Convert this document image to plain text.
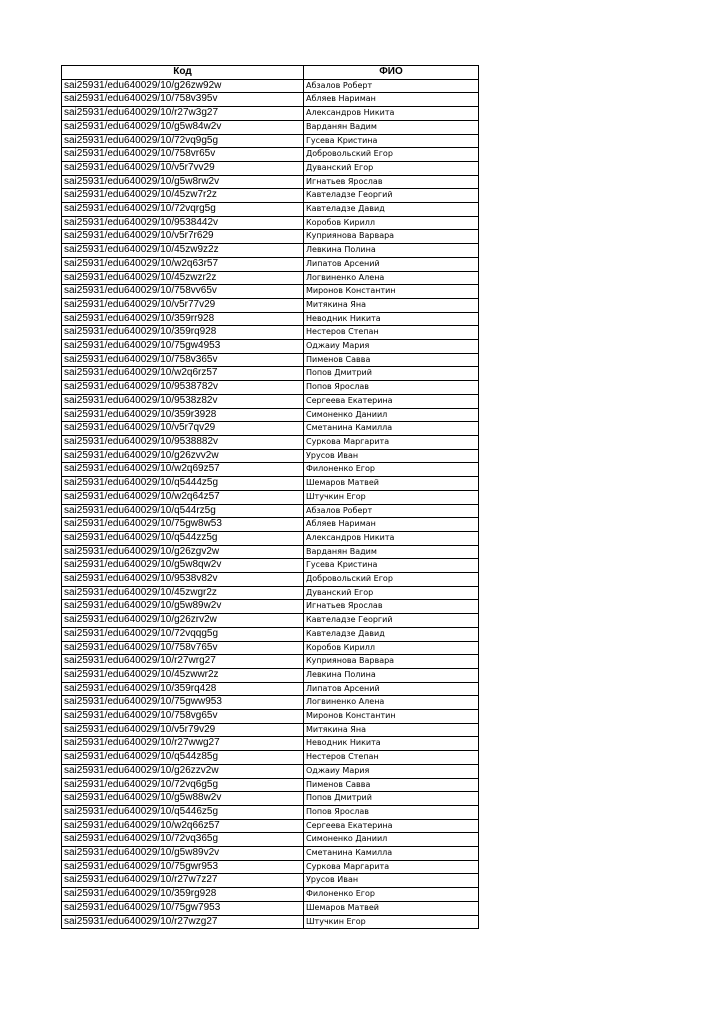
Код	ФИО
sai25931/edu640029/10/g26zw92w	Абзалов Роберт
sai25931/edu640029/10/758v395v	Абляев Нариман
sai25931/edu640029/10/r27w3g27	Александров Никита
sai25931/edu640029/10/g5w84w2v	Варданян Вадим
sai25931/edu640029/10/72vq9g5g	Гусева Кристина
sai25931/edu640029/10/758vr65v	Добровольский Егор
sai25931/edu640029/10/v5r7vv29	Дуванский Егор
sai25931/edu640029/10/g5w8rw2v	Игнатьев Ярослав
sai25931/edu640029/10/45zw7r2z	Кавтеладзе Георгий
sai25931/edu640029/10/72vqrg5g	Кавтеладзе Давид
sai25931/edu640029/10/9538442v	Коробов Кирилл
sai25931/edu640029/10/v5r7r629	Куприянова Варвара
sai25931/edu640029/10/45zw9z2z	Левкина Полина
sai25931/edu640029/10/w2q63r57	Липатов Арсений
sai25931/edu640029/10/45zwzr2z	Логвиненко Алена
sai25931/edu640029/10/758vv65v	Миронов Константин
sai25931/edu640029/10/v5r77v29	Митякина Яна
sai25931/edu640029/10/359rr928	Неводник Никита
sai25931/edu640029/10/359rq928	Нестеров Степан
sai25931/edu640029/10/75gw4953	Оджаиу Мария
sai25931/edu640029/10/758v365v	Пименов Савва
sai25931/edu640029/10/w2q6rz57	Попов Дмитрий
sai25931/edu640029/10/9538782v	Попов Ярослав
sai25931/edu640029/10/9538z82v	Сергеева Екатерина
sai25931/edu640029/10/359r3928	Симоненко Даниил
sai25931/edu640029/10/v5r7qv29	Сметанина Камилла
sai25931/edu640029/10/9538882v	Суркова Маргарита
sai25931/edu640029/10/g26zvv2w	Урусов Иван
sai25931/edu640029/10/w2q69z57	Филоненко Егор
sai25931/edu640029/10/q5444z5g	Шемаров Матвей
sai25931/edu640029/10/w2q64z57	Штучкин Егор
sai25931/edu640029/10/q544rz5g	Абзалов Роберт
sai25931/edu640029/10/75gw8w53	Абляев Нариман
sai25931/edu640029/10/q544zz5g	Александров Никита
sai25931/edu640029/10/g26zgv2w	Варданян Вадим
sai25931/edu640029/10/g5w8qw2v	Гусева Кристина
sai25931/edu640029/10/9538v82v	Добровольский Егор
sai25931/edu640029/10/45zwgr2z	Дуванский Егор
sai25931/edu640029/10/g5w89w2v	Игнатьев Ярослав
sai25931/edu640029/10/g26zrv2w	Кавтеладзе Георгий
sai25931/edu640029/10/72vqqg5g	Кавтеладзе Давид
sai25931/edu640029/10/758v765v	Коробов Кирилл
sai25931/edu640029/10/r27wrg27	Куприянова Варвара
sai25931/edu640029/10/45zwwr2z	Левкина Полина
sai25931/edu640029/10/359rq428	Липатов Арсений
sai25931/edu640029/10/75gww953	Логвиненко Алена
sai25931/edu640029/10/758vg65v	Миронов Константин
sai25931/edu640029/10/v5r79v29	Митякина Яна
sai25931/edu640029/10/r27wwg27	Неводник Никита
sai25931/edu640029/10/q544z85g	Нестеров Степан
sai25931/edu640029/10/g26zzv2w	Оджаиу Мария
sai25931/edu640029/10/72vq6g5g	Пименов Савва
sai25931/edu640029/10/g5w88w2v	Попов Дмитрий
sai25931/edu640029/10/q5446z5g	Попов Ярослав
sai25931/edu640029/10/w2q66z57	Сергеева Екатерина
sai25931/edu640029/10/72vq365g	Симоненко Даниил
sai25931/edu640029/10/g5w89v2v	Сметанина Камилла
sai25931/edu640029/10/75gwr953	Суркова Маргарита
sai25931/edu640029/10/r27w7z27	Урусов Иван
sai25931/edu640029/10/359rg928	Филоненко Егор
sai25931/edu640029/10/75gw7953	Шемаров Матвей
sai25931/edu640029/10/r27wzg27	Штучкин Егор
